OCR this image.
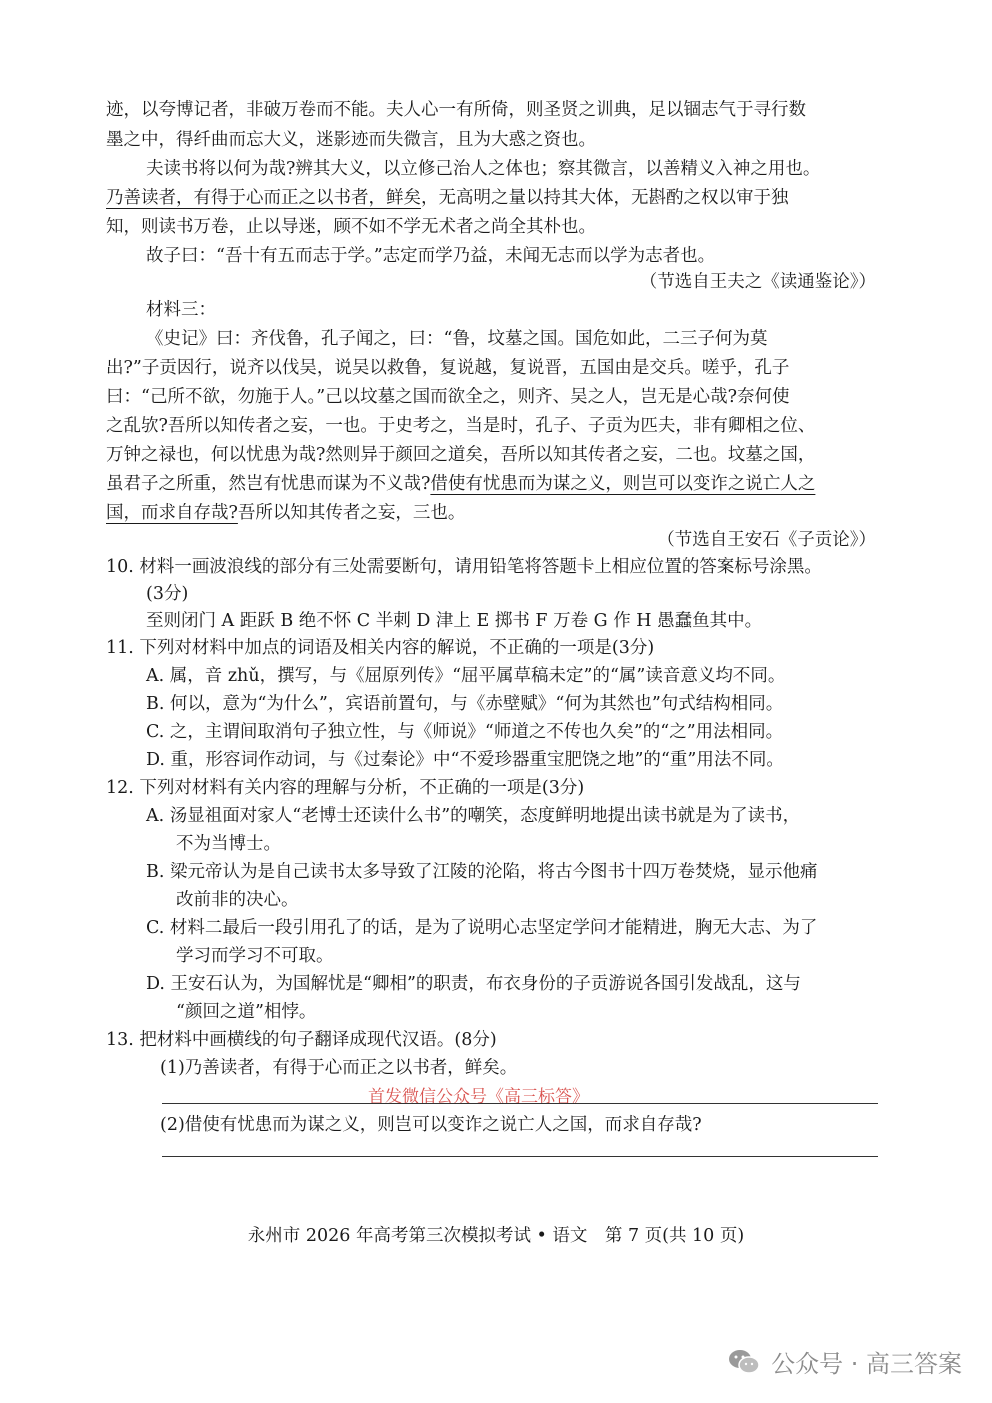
迹，以夸博记者，非破万卷而不能。夫人心一有所倚，则圣贤之训典，足以锢志气于寻行数
墨之中，得纤曲而忘大义，迷影迹而失微言，且为大惑之资也。
夫读书将以何为哉?辨其大义，以立修己治人之体也；察其微言，以善精义入神之用也。
乃善读者，有得于心而正之以书者，鲜矣，无高明之量以持其大体，无斟酌之权以审于独
知，则读书万卷，止以导迷，顾不如不学无术者之尚全其朴也。
故子曰：“吾十有五而志于学。”志定而学乃益，未闻无志而以学为志者也。
（节选自王夫之《读通鉴论》）
材料三：
《史记》曰：齐伐鲁，孔子闻之，曰：“鲁，坟墓之国。国危如此，二三子何为莫
出?”子贡因行，说齐以伐吴，说吴以救鲁，复说越，复说晋，五国由是交兵。嗟乎，孔子
曰：“己所不欲，勿施于人。”己以坟墓之国而欲全之，则齐、吴之人，岂无是心哉?奈何使
之乱欤?吾所以知传者之妄，一也。于史考之，当是时，孔子、子贡为匹夫，非有卿相之位、
万钟之禄也，何以忧患为哉?然则异于颜回之道矣，吾所以知其传者之妄，二也。坟墓之国，
虽君子之所重，然岂有忧患而谋为不义哉?借使有忧患而为谋之义，则岂可以变诈之说亡人之
国，而求自存哉?吾所以知其传者之妄，三也。
（节选自王安石《子贡论》）
10. 材料一画波浪线的部分有三处需要断句，请用铅笔将答题卡上相应位置的答案标号涂黑。
(3分)
至则闭门 A 距跃 B 绝不怀 C 半刺 D 津上 E 掷书 F 万卷 G 作 H 愚蠢鱼其中。
11. 下列对材料中加点的词语及相关内容的解说，不正确的一项是(3分)
A. 属，音 zhǔ，撰写，与《屈原列传》“屈平属草稿未定”的“属”读音意义均不同。
B. 何以，意为“为什么”，宾语前置句，与《赤壁赋》“何为其然也”句式结构相同。
C. 之，主谓间取消句子独立性，与《师说》“师道之不传也久矣”的“之”用法相同。
D. 重，形容词作动词，与《过秦论》中“不爱珍器重宝肥饶之地”的“重”用法不同。
12. 下列对材料有关内容的理解与分析，不正确的一项是(3分)
A. 汤显祖面对家人“老博士还读什么书”的嘲笑，态度鲜明地提出读书就是为了读书，
不为当博士。
B. 梁元帝认为是自己读书太多导致了江陵的沦陷，将古今图书十四万卷焚烧，显示他痛
改前非的决心。
C. 材料二最后一段引用孔了的话，是为了说明心志坚定学问才能精进，胸无大志、为了
学习而学习不可取。
D. 王安石认为，为国解忧是“卿相”的职责，布衣身份的子贡游说各国引发战乱，这与
“颜回之道”相悖。
13. 把材料中画横线的句子翻译成现代汉语。(8分)
(1)乃善读者，有得于心而正之以书者，鲜矣。
首发微信公众号《高三标答》
(2)借使有忧患而为谋之义，则岂可以变诈之说亡人之国，而求自存哉?
永州市 2026 年高考第三次模拟考试 • 语文　第 7 页(共 10 页)
公众号 · 高三答案
